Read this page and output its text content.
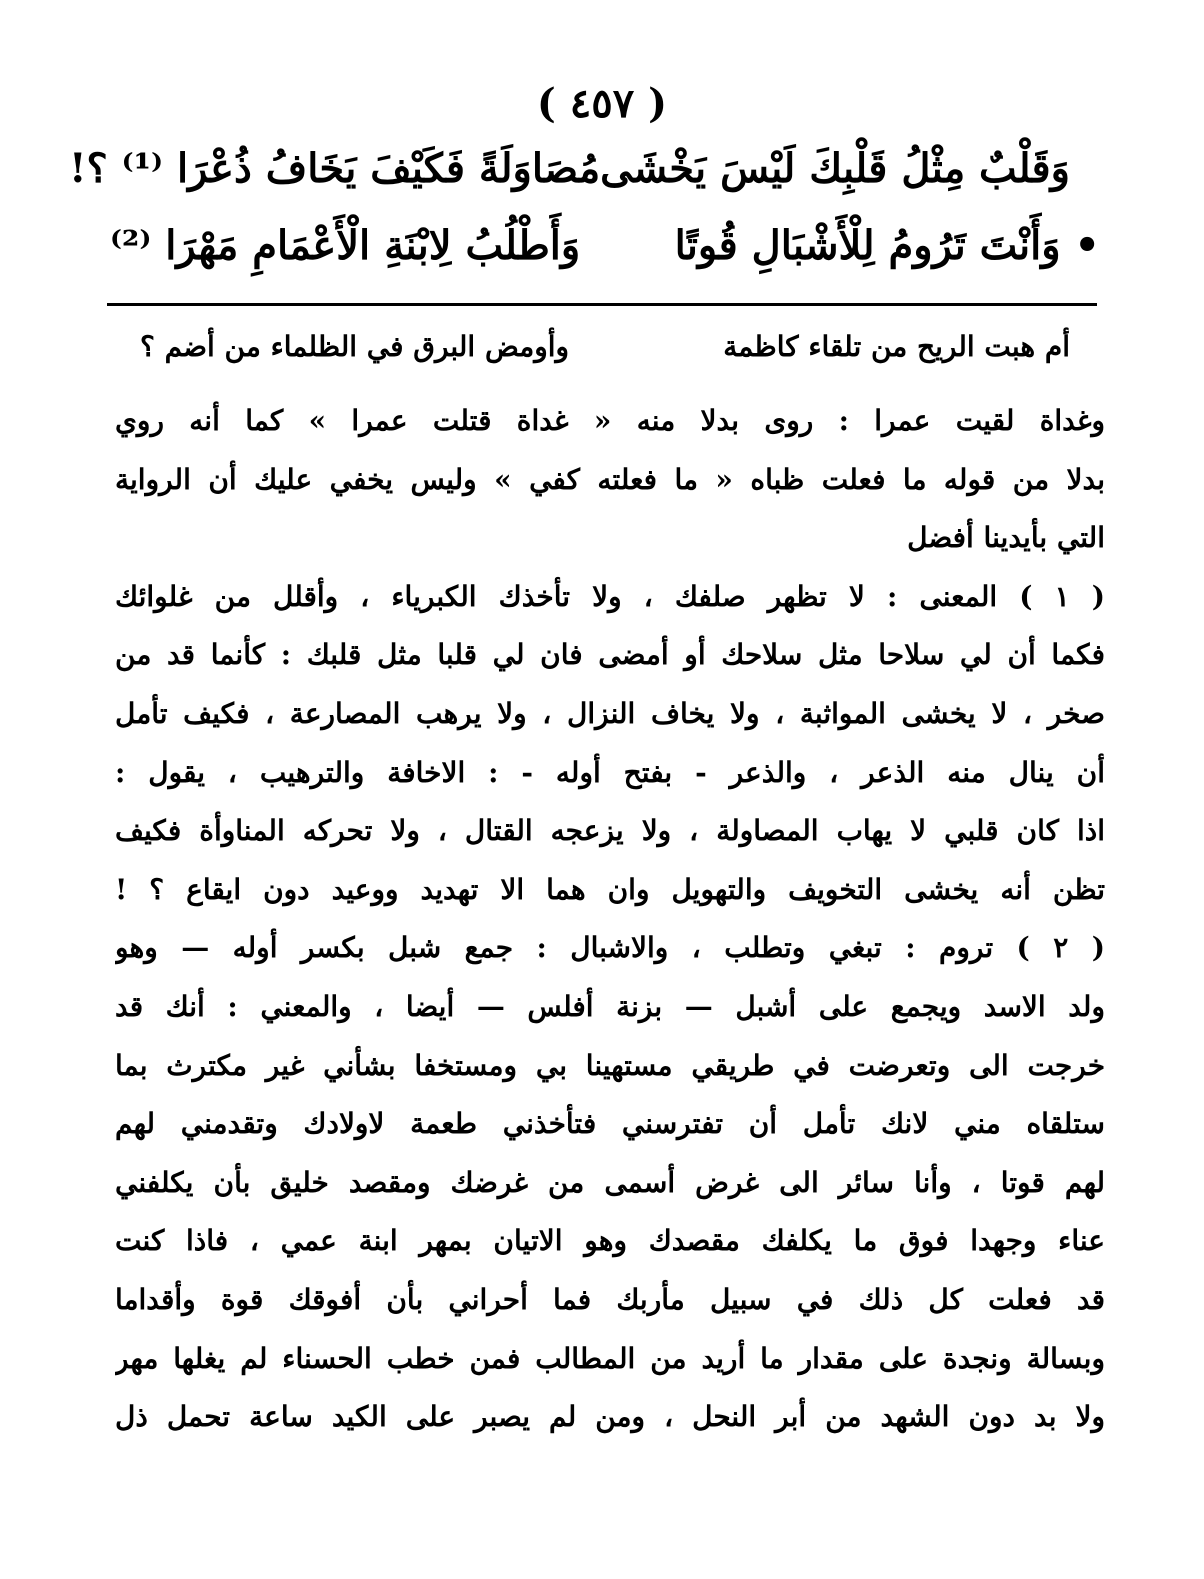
( ٤٥٧ )
وَقَلْبٌ مِثْلُ قَلْبِكَ لَيْسَ يَخْشَى
مُصَاوَلَةً فَكَيْفَ يَخَافُ ذُعْرَا ⁽¹⁾ ؟!
• وَأَنْتَ تَرُومُ لِلْأَشْبَالِ قُوتًا
وَأَطْلُبُ لِابْنَةِ الْأَعْمَامِ مَهْرَا ⁽²⁾
أم هبت الريح من تلقاء كاظمة
وأومض البرق في الظلماء من أضم ؟
وغداة لقيت عمرا : روى بدلا منه « غداة قتلت عمرا » كما أنه روي
بدلا من قوله ما فعلت ظباه « ما فعلته كفي » وليس يخفي عليك أن الرواية
التي بأيدينا أفضل
( ١ ) المعنى : لا تظهر صلفك ، ولا تأخذك الكبرياء ، وأقلل من غلوائك
فكما أن لي سلاحا مثل سلاحك أو أمضى فان لي قلبا مثل قلبك : كأنما قد من
صخر ، لا يخشى المواثبة ، ولا يخاف النزال ، ولا يرهب المصارعة ، فكيف تأمل
أن ينال منه الذعر ، والذعر - بفتح أوله - : الاخافة والترهيب ، يقول :
اذا كان قلبي لا يهاب المصاولة ، ولا يزعجه القتال ، ولا تحركه المناوأة فكيف
تظن أنه يخشى التخويف والتهويل وان هما الا تهديد ووعيد دون ايقاع ؟ !
( ٢ ) تروم : تبغي وتطلب ، والاشبال : جمع شبل بكسر أوله — وهو
ولد الاسد ويجمع على أشبل — بزنة أفلس — أيضا ، والمعني : أنك قد
خرجت الى وتعرضت في طريقي مستهينا بي ومستخفا بشأني غير مكترث بما
ستلقاه مني لانك تأمل أن تفترسني فتأخذني طعمة لاولادك وتقدمني لهم
لهم قوتا ، وأنا سائر الى غرض أسمى من غرضك ومقصد خليق بأن يكلفني
عناء وجهدا فوق ما يكلفك مقصدك وهو الاتيان بمهر ابنة عمي ، فاذا كنت
قد فعلت كل ذلك في سبيل مأربك فما أحراني بأن أفوقك قوة وأقداما
وبسالة ونجدة على مقدار ما أريد من المطالب فمن خطب الحسناء لم يغلها مهر
ولا بد دون الشهد من أبر النحل ، ومن لم يصبر على الكيد ساعة تحمل ذل
